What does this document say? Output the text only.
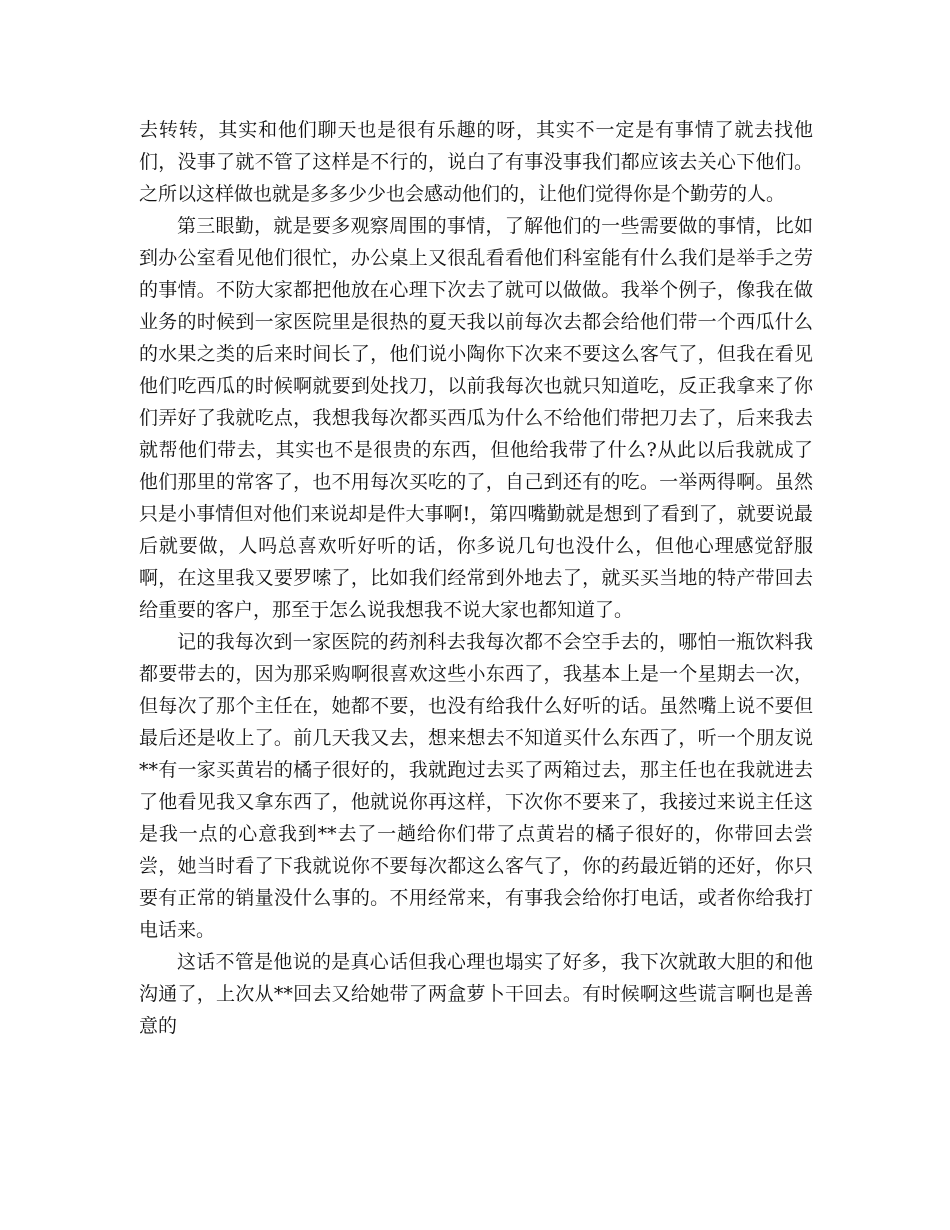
去转转，其实和他们聊天也是很有乐趣的呀，其实不一定是有事情了就去找他们，没事了就不管了这样是不行的，说白了有事没事我们都应该去关心下他们。之所以这样做也就是多多少少也会感动他们的，让他们觉得你是个勤劳的人。

第三眼勤，就是要多观察周围的事情，了解他们的一些需要做的事情，比如到办公室看见他们很忙，办公桌上又很乱看看他们科室能有什么我们是举手之劳的事情。不防大家都把他放在心理下次去了就可以做做。我举个例子，像我在做业务的时候到一家医院里是很热的夏天我以前每次去都会给他们带一个西瓜什么的水果之类的后来时间长了，他们说小陶你下次来不要这么客气了，但我在看见他们吃西瓜的时候啊就要到处找刀，以前我每次也就只知道吃，反正我拿来了你们弄好了我就吃点，我想我每次都买西瓜为什么不给他们带把刀去了，后来我去就帮他们带去，其实也不是很贵的东西，但他给我带了什么?从此以后我就成了他们那里的常客了，也不用每次买吃的了，自己到还有的吃。一举两得啊。虽然只是小事情但对他们来说却是件大事啊!，第四嘴勤就是想到了看到了，就要说最后就要做，人吗总喜欢听好听的话，你多说几句也没什么，但他心理感觉舒服啊，在这里我又要罗嗦了，比如我们经常到外地去了，就买买当地的特产带回去给重要的客户，那至于怎么说我想我不说大家也都知道了。

记的我每次到一家医院的药剂科去我每次都不会空手去的，哪怕一瓶饮料我都要带去的，因为那采购啊很喜欢这些小东西了，我基本上是一个星期去一次，但每次了那个主任在，她都不要，也没有给我什么好听的话。虽然嘴上说不要但最后还是收上了。前几天我又去，想来想去不知道买什么东西了，听一个朋友说**有一家买黄岩的橘子很好的，我就跑过去买了两箱过去，那主任也在我就进去了他看见我又拿东西了，他就说你再这样，下次你不要来了，我接过来说主任这是我一点的心意我到**去了一趟给你们带了点黄岩的橘子很好的，你带回去尝尝，她当时看了下我就说你不要每次都这么客气了，你的药最近销的还好，你只要有正常的销量没什么事的。不用经常来，有事我会给你打电话，或者你给我打电话来。

这话不管是他说的是真心话但我心理也塌实了好多，我下次就敢大胆的和他沟通了，上次从**回去又给她带了两盒萝卜干回去。有时候啊这些谎言啊也是善意的
